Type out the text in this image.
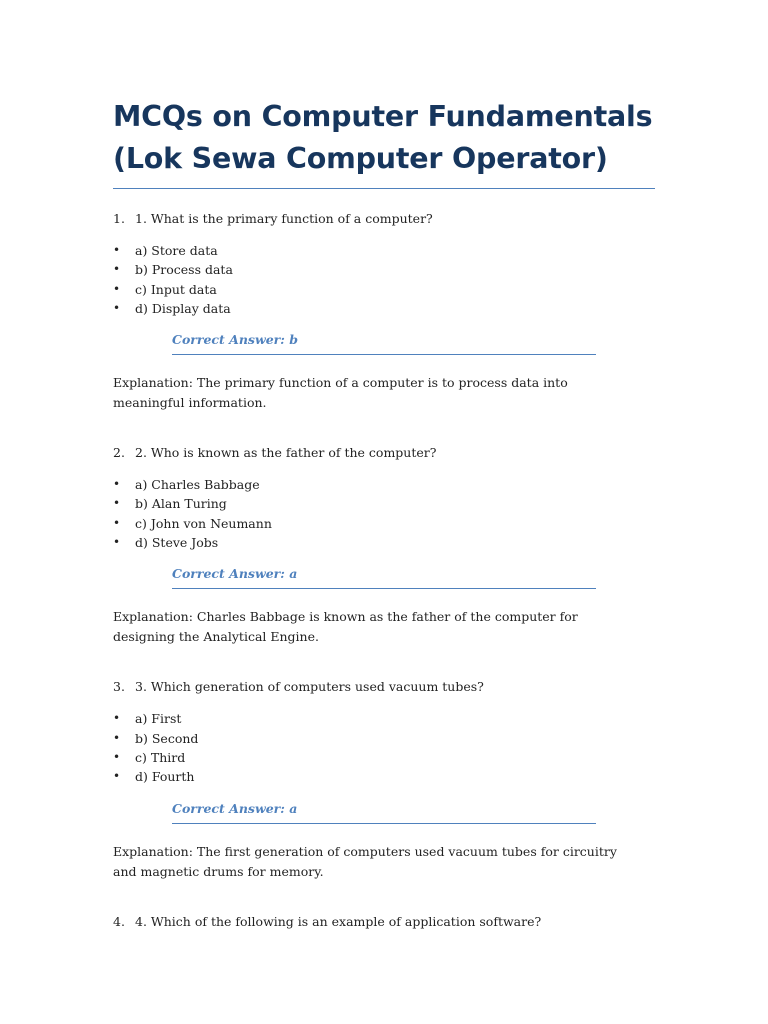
MCQs on Computer Fundamentals (Lok Sewa Computer Operator)

1. 1. What is the primary function of a computer?

•	a) Store data
•	b) Process data
•	c) Input data
•	d) Display data
Correct Answer: b
Explanation: The primary function of a computer is to process data into meaningful information.

2. 2. Who is known as the father of the computer?

•	a) Charles Babbage
•	b) Alan Turing
•	c) John von Neumann
•	d) Steve Jobs
Correct Answer: a
Explanation: Charles Babbage is known as the father of the computer for designing the Analytical Engine.

3. 3. Which generation of computers used vacuum tubes?

•	a) First
•	b) Second
•	c) Third
•	d) Fourth
Correct Answer: a
Explanation: The first generation of computers used vacuum tubes for circuitry and magnetic drums for memory.

4. 4. Which of the following is an example of application software?
